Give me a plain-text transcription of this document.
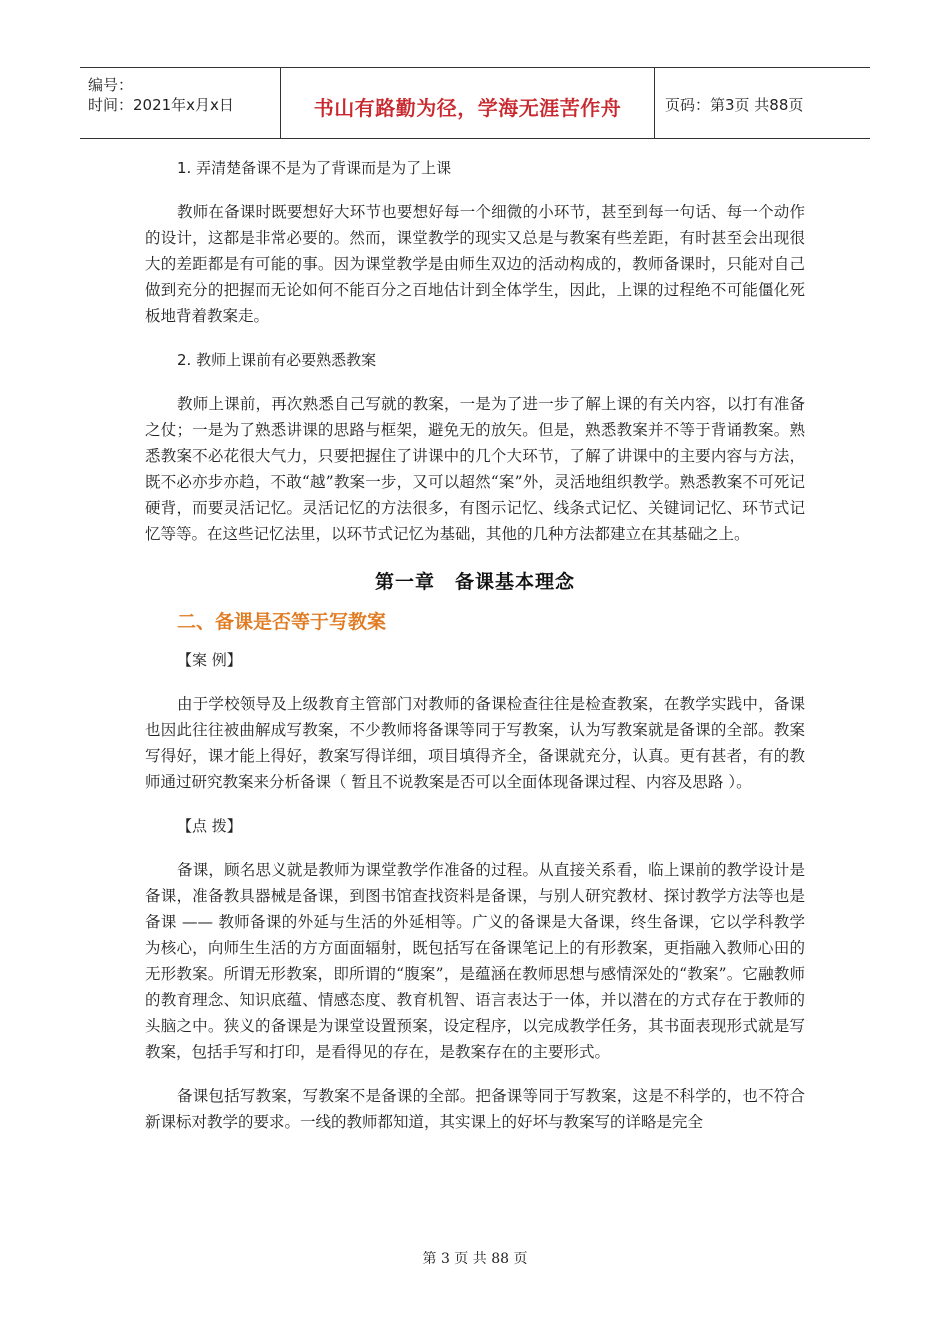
编号：
时间：2021年x月x日	书山有路勤为径，学海无涯苦作舟	页码：第3页 共88页
1. 弄清楚备课不是为了背课而是为了上课

教师在备课时既要想好大环节也要想好每一个细微的小环节，甚至到每一句话、每一个动作的设计，这都是非常必要的。然而，课堂教学的现实又总是与教案有些差距，有时甚至会出现很大的差距都是有可能的事。因为课堂教学是由师生双边的活动构成的，教师备课时，只能对自己做到充分的把握而无论如何不能百分之百地估计到全体学生，因此，上课的过程绝不可能僵化死板地背着教案走。

2. 教师上课前有必要熟悉教案

教师上课前，再次熟悉自己写就的教案，一是为了进一步了解上课的有关内容，以打有准备之仗；一是为了熟悉讲课的思路与框架，避免无的放矢。但是，熟悉教案并不等于背诵教案。熟悉教案不必花很大气力，只要把握住了讲课中的几个大环节，了解了讲课中的主要内容与方法，既不必亦步亦趋，不敢“越”教案一步，又可以超然“案”外，灵活地组织教学。熟悉教案不可死记硬背，而要灵活记忆。灵活记忆的方法很多，有图示记忆、线条式记忆、关键词记忆、环节式记忆等等。在这些记忆法里，以环节式记忆为基础，其他的几种方法都建立在其基础之上。

第一章　备课基本理念
二、备课是否等于写教案
【案 例】

由于学校领导及上级教育主管部门对教师的备课检查往往是检查教案，在教学实践中，备课也因此往往被曲解成写教案，不少教师将备课等同于写教案，认为写教案就是备课的全部。教案写得好，课才能上得好，教案写得详细，项目填得齐全，备课就充分，认真。更有甚者，有的教师通过研究教案来分析备课（ 暂且不说教案是否可以全面体现备课过程、内容及思路 ）。

【点 拨】

备课，顾名思义就是教师为课堂教学作准备的过程。从直接关系看，临上课前的教学设计是备课，准备教具器械是备课，到图书馆查找资料是备课，与别人研究教材、探讨教学方法等也是备课 —— 教师备课的外延与生活的外延相等。广义的备课是大备课，终生备课，它以学科教学为核心，向师生生活的方方面面辐射，既包括写在备课笔记上的有形教案，更指融入教师心田的无形教案。所谓无形教案，即所谓的“腹案”，是蕴涵在教师思想与感情深处的“教案”。它融教师的教育理念、知识底蕴、情感态度、教育机智、语言表达于一体，并以潜在的方式存在于教师的头脑之中。狭义的备课是为课堂设置预案，设定程序，以完成教学任务，其书面表现形式就是写教案，包括手写和打印，是看得见的存在，是教案存在的主要形式。

备课包括写教案，写教案不是备课的全部。把备课等同于写教案，这是不科学的，也不符合新课标对教学的要求。一线的教师都知道，其实课上的好坏与教案写的详略是完全

第 3 页 共 88 页
